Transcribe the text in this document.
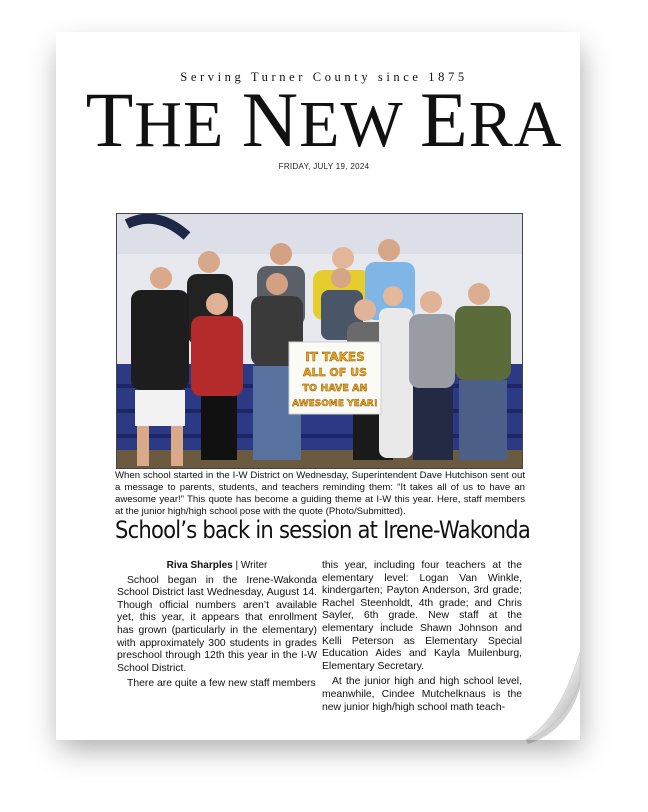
Serving Turner County since 1875
THE NEW ERA
FRIDAY, JULY 19, 2024
IT TAKES
ALL OF US
TO HAVE AN
AWESOME YEAR!
When school started in the I-W District on Wednesday, Superintendent Dave Hutchison sent out a message to parents, students, and teachers reminding them: “It takes all of us to have an awesome year!” This quote has become a guiding theme at I-W this year. Here, staff members at the junior high/high school pose with the quote (Photo/Submitted).
School’s back in session at Irene-Wakonda
Riva Sharples | Writer

School began in the Irene-Wakonda School District last Wednesday, August 14. Though official numbers aren’t available yet, this year, it appears that enrollment has grown (particularly in the elementary) with approximately 300 students in grades preschool through 12th this year in the I-W School District.

There are quite a few new staff members

this year, including four teachers at the elementary level: Logan Van Winkle, kindergarten; Payton Anderson, 3rd grade; Rachel Steenholdt, 4th grade; and Chris Sayler, 6th grade. New staff at the elementary include Shawn Johnson and Kelli Peterson as Elementary Special Education Aides and Kayla Muilenburg, Elementary Secretary.

At the junior high and high school level, meanwhile, Cindee Mutchelknaus is the new junior high/high school math teach-
